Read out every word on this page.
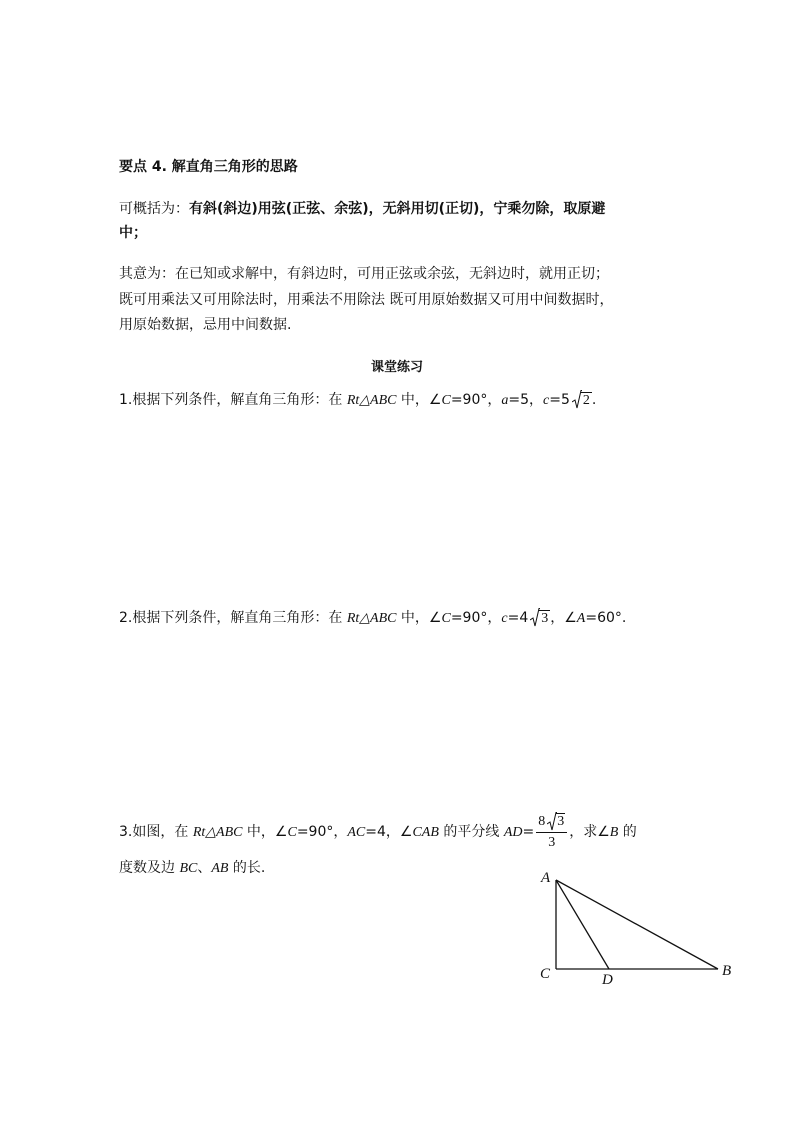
要点 4. 解直角三角形的思路
可概括为：有斜(斜边)用弦(正弦、余弦)，无斜用切(正切)，宁乘勿除，取原避
中；
其意为：在已知或求解中，有斜边时，可用正弦或余弦，无斜边时，就用正切；
既可用乘法又可用除法时，用乘法不用除法 既可用原始数据又可用中间数据时，
用原始数据，忌用中间数据.
课堂练习
1.根据下列条件，解直角三角形：在 Rt△ABC 中，∠C=90°，a=5，c=5 2 .
2.根据下列条件，解直角三角形：在 Rt△ABC 中，∠C=90°，c=4 3 ，∠A=60°.
3.如图，在 Rt△ABC 中，∠C=90°，AC=4，∠CAB 的平分线 $AD= \frac{8 3}{3}$ ，求∠B 的
度数及边 BC、AB 的长.
A
C	D
B
